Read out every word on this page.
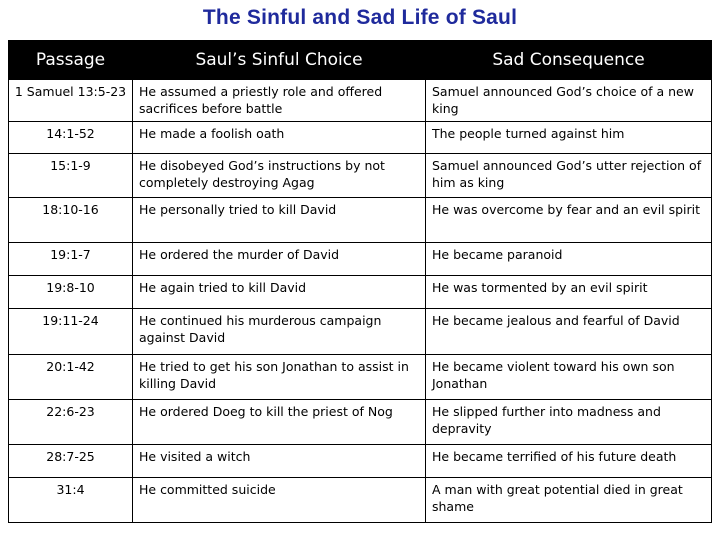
The Sinful and Sad Life of Saul
Passage	Saul’s Sinful Choice	Sad Consequence
1 Samuel 13:5-23	He assumed a priestly role and offered sacrifices before battle	Samuel announced God’s choice of a new king
14:1-52	He made a foolish oath	The people turned against him
15:1-9	He disobeyed God’s instructions by not completely destroying Agag	Samuel announced God’s utter rejection of him as king
18:10-16	He personally tried to kill David	He was overcome by fear and an evil spirit
19:1-7	He ordered the murder of David	He became paranoid
19:8-10	He again tried to kill David	He was tormented by an evil spirit
19:11-24	He continued his murderous campaign against David	He became jealous and fearful of David
20:1-42	He tried to get his son Jonathan to assist in killing David	He became violent toward his own son Jonathan
22:6-23	He ordered Doeg to kill the priest of Nog	He slipped further into madness and depravity
28:7-25	He visited a witch	He became terrified of his future death
31:4	He committed suicide	A man with great potential died in great shame
